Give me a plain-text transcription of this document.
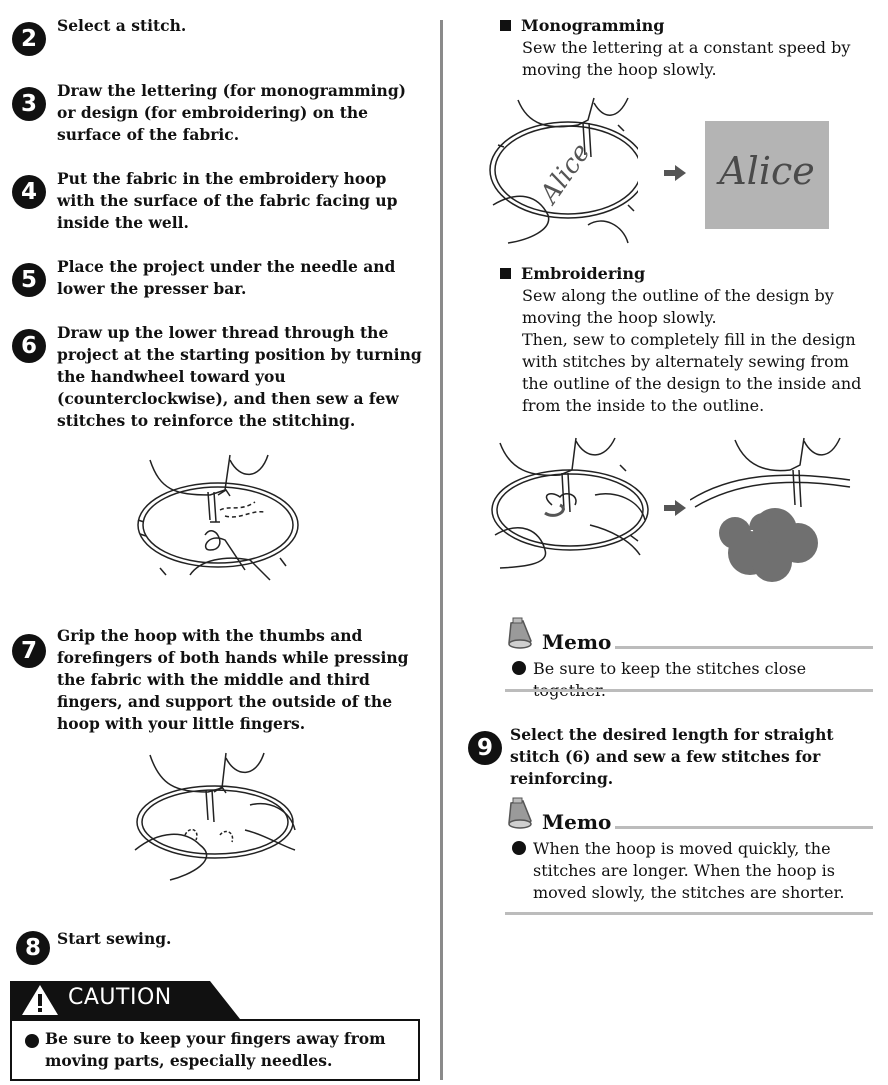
2
Select a stitch.
3
Draw the lettering (for monogramming) or design (for embroidering) on the surface of the fabric.
4
Put the fabric in the embroidery hoop with the surface of the fabric facing up inside the well.
5
Place the project under the needle and lower the presser bar.
6
Draw up the lower thread through the project at the starting position by turning the handwheel toward you (counterclockwise), and then sew a few stitches to reinforce the stitching.
7
Grip the hoop with the thumbs and forefingers of both hands while pressing the fabric with the middle and third fingers, and support the outside of the hoop with your little fingers.
8	Start sewing.
CAUTION
Be sure to keep your fingers away from moving parts, especially needles.
Monogramming
Sew the lettering at a constant speed by moving the hoop slowly.
Alice	Alice
Embroidering
Sew along the outline of the design by moving the hoop slowly.
Then, sew to completely fill in the design with stitches by alternately sewing from the outline of the design to the inside and from the inside to the outline.
Memo
Be sure to keep the stitches close
9
Select the desired length for straight stitch (6) and sew a few stitches for reinforcing.
Memo
When the hoop is moved quickly, the stitches are longer. When the hoop is moved slowly, the stitches are shorter.
